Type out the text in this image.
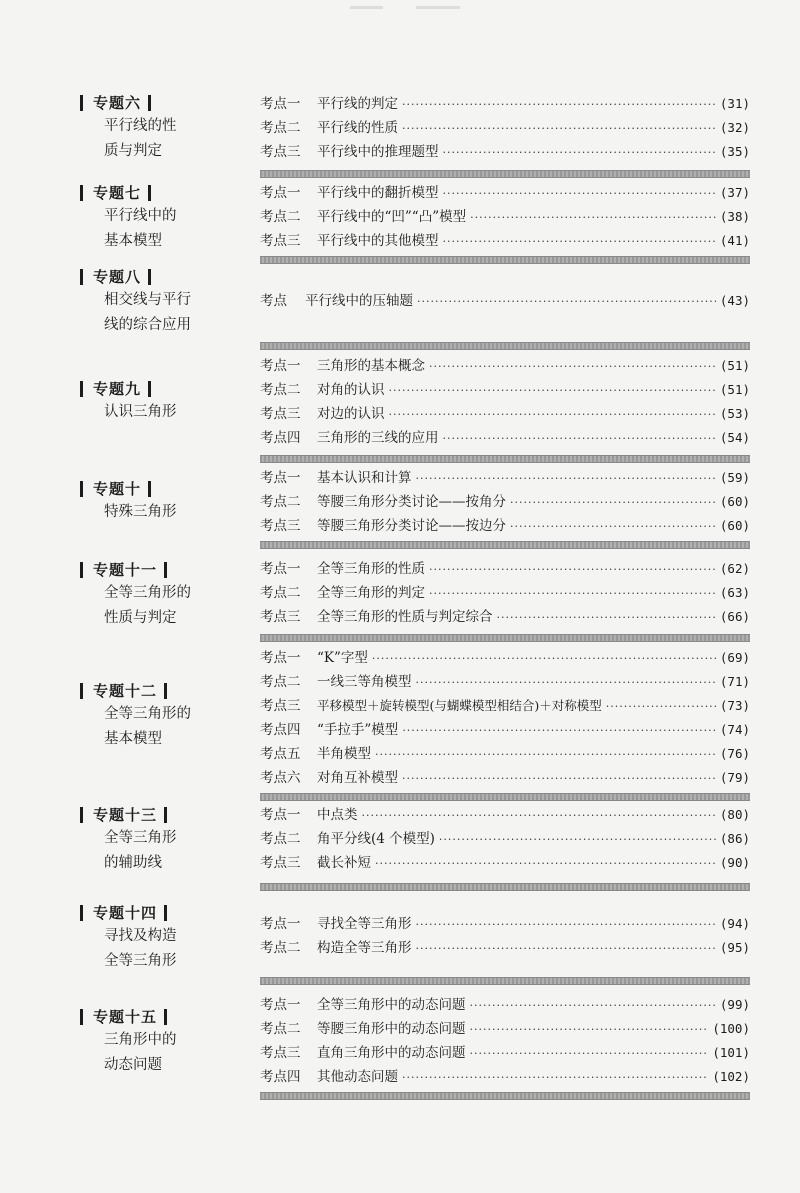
专题六
平行线的性
质与判定
考点一	平行线的判定 ·····	(31)
考点二	平行线的性质 ·····	(32)
考点三	平行线中的推理题型 ·····	(35)
专题七
平行线中的
基本模型
考点一	平行线中的翻折模型 ·····	(37)
考点二	平行线中的“凹”“凸”模型 ·····	(38)
考点三	平行线中的其他模型 ·····	(41)
专题八
相交线与平行
线的综合应用
考点	平行线中的压轴题 ·····	(43)
专题九
认识三角形
考点一	三角形的基本概念 ·····	(51)
考点二	对角的认识 ·····	(51)
考点三	对边的认识 ·····	(53)
考点四	三角形的三线的应用 ·····	(54)
专题十
特殊三角形
考点一	基本认识和计算 ·····	(59)
考点二	等腰三角形分类讨论——按角分 ·····	(60)
考点三	等腰三角形分类讨论——按边分 ·····	(60)
专题十一
全等三角形的
性质与判定
考点一	全等三角形的性质 ·····	(62)
考点二	全等三角形的判定 ·····	(63)
考点三	全等三角形的性质与判定综合 ·····	(66)
专题十二
全等三角形的
基本模型
考点一	“K”字型 ·····	(69)
考点二	一线三等角模型 ·····	(71)
考点三	平移模型＋旋转模型(与蝴蝶模型相结合)＋对称模型 ·····	(73)
考点四	“手拉手”模型 ·····	(74)
考点五	半角模型 ·····	(76)
考点六	对角互补模型 ·····	(79)
专题十三
全等三角形
的辅助线
考点一	中点类 ·····	(80)
考点二	角平分线(4 个模型) ·····	(86)
考点三	截长补短 ·····	(90)
专题十四
寻找及构造
全等三角形
考点一	寻找全等三角形 ·····	(94)
考点二	构造全等三角形 ·····	(95)
专题十五
三角形中的
动态问题
考点一	全等三角形中的动态问题 ·····	(99)
考点二	等腰三角形中的动态问题 ·····	(100)
考点三	直角三角形中的动态问题 ·····	(101)
考点四	其他动态问题 ·····	(102)
